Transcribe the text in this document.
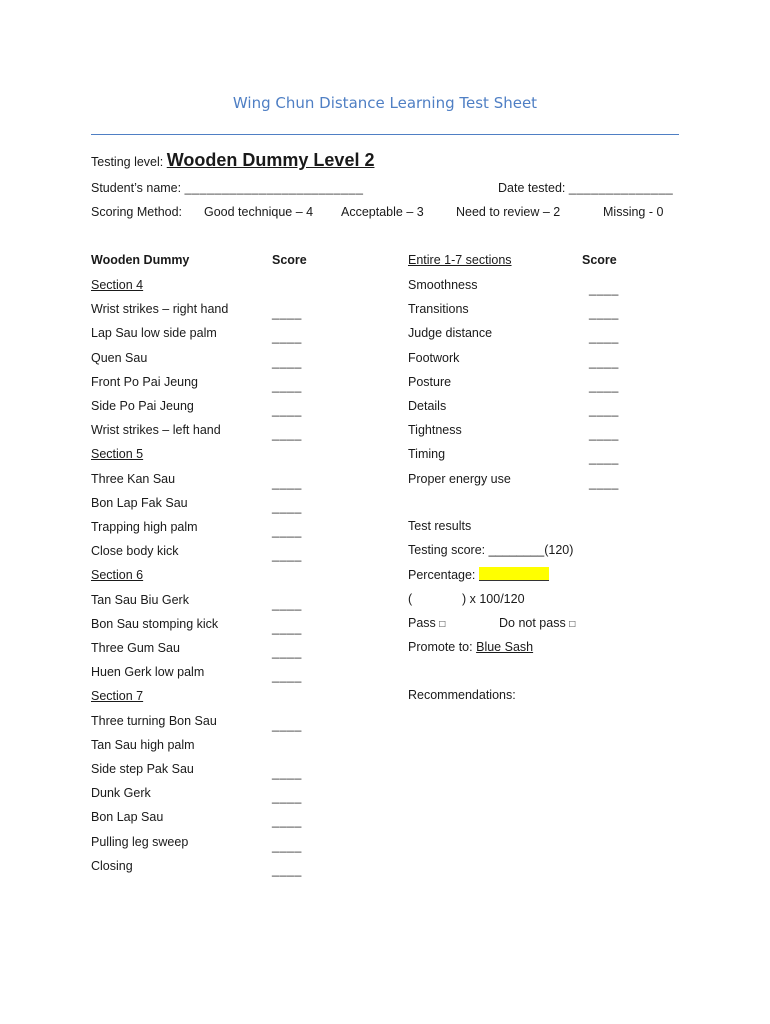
Wing Chun Distance Learning Test Sheet
Testing level: Wooden Dummy Level 2
Student’s name: ________________________	Date tested: ______________
Scoring Method: Good technique – 4 Acceptable – 3	Need to review – 2	Missing - 0
Wooden Dummy	Score	Entire 1-7 sections	Score
Section 4
Wrist strikes – right hand	____
Lap Sau low side palm	____
Quen Sau	____
Front Po Pai Jeung	____
Side Po Pai Jeung	____
Wrist strikes – left hand	____
Section 5
Three Kan Sau	____
Bon Lap Fak Sau	____
Trapping high palm	____
Close body kick	____
Section 6
Tan Sau Biu Gerk	____
Bon Sau stomping kick	____
Three Gum Sau	____
Huen Gerk low palm	____
Section 7
Three turning Bon Sau	____
Tan Sau high palm
Side step Pak Sau	____
Dunk Gerk	____
Bon Lap Sau	____
Pulling leg sweep	____
Closing	____
Smoothness	____
Transitions	____
Judge distance	____
Footwork	____
Posture	____
Details	____
Tightness	____
Timing	____
Proper energy use	____
Test results
Testing score: ________(120)
Percentage:
(	) x 100/120
Pass □	Do not pass □
Promote to: Blue Sash
Recommendations:
